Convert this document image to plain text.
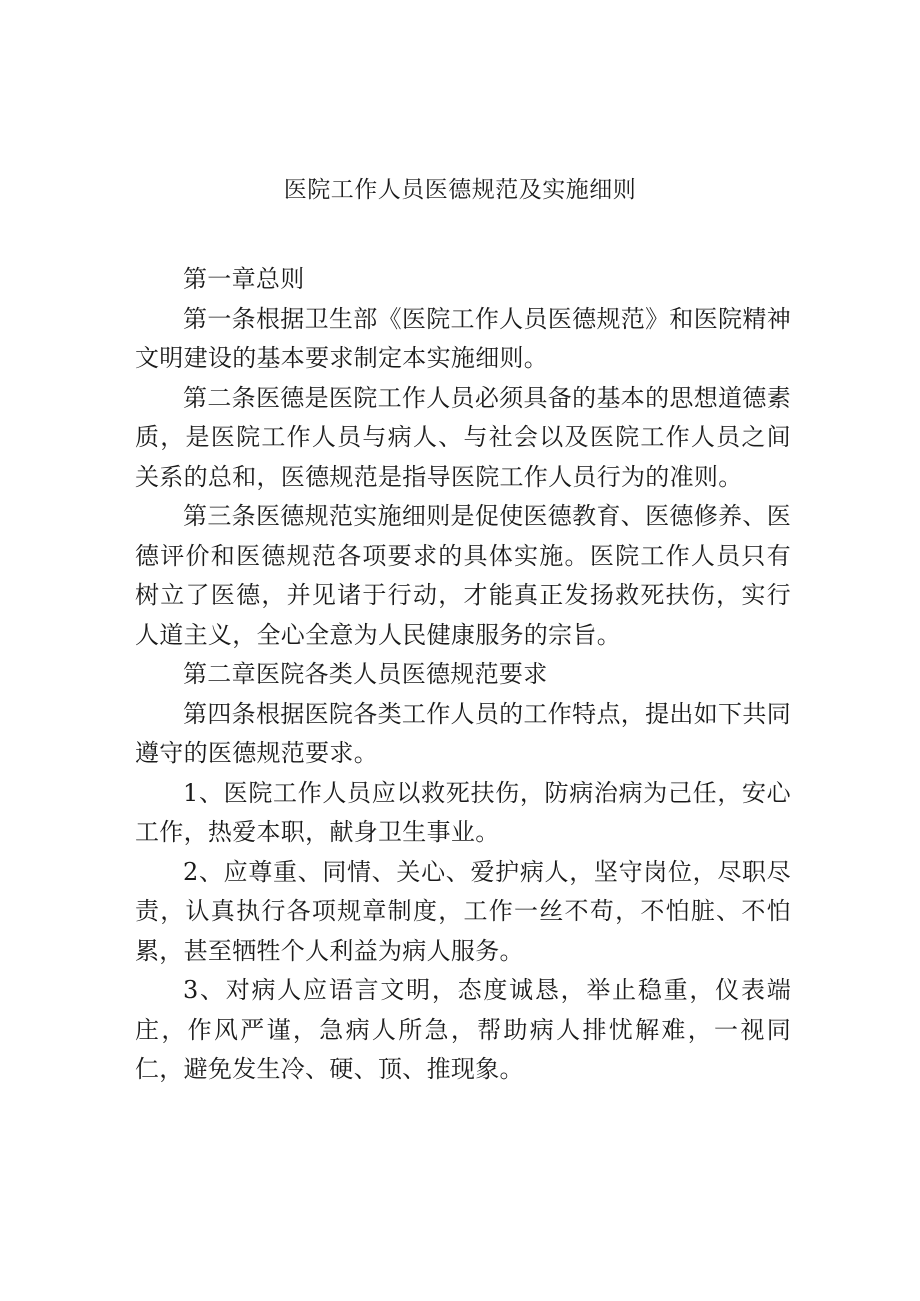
医院工作人员医德规范及实施细则

第一章总则

第一条根据卫生部《医院工作人员医德规范》和医院精神文明建设的基本要求制定本实施细则。

第二条医德是医院工作人员必须具备的基本的思想道德素质，是医院工作人员与病人、与社会以及医院工作人员之间关系的总和，医德规范是指导医院工作人员行为的准则。

第三条医德规范实施细则是促使医德教育、医德修养、医德评价和医德规范各项要求的具体实施。医院工作人员只有树立了医德，并见诸于行动，才能真正发扬救死扶伤，实行人道主义，全心全意为人民健康服务的宗旨。

第二章医院各类人员医德规范要求

第四条根据医院各类工作人员的工作特点，提出如下共同遵守的医德规范要求。

1、医院工作人员应以救死扶伤，防病治病为己任，安心工作，热爱本职，献身卫生事业。

2、应尊重、同情、关心、爱护病人，坚守岗位，尽职尽责，认真执行各项规章制度，工作一丝不苟，不怕脏、不怕累，甚至牺牲个人利益为病人服务。

3、对病人应语言文明，态度诚恳，举止稳重，仪表端庄，作风严谨，急病人所急，帮助病人排忧解难，一视同仁，避免发生冷、硬、顶、推现象。
